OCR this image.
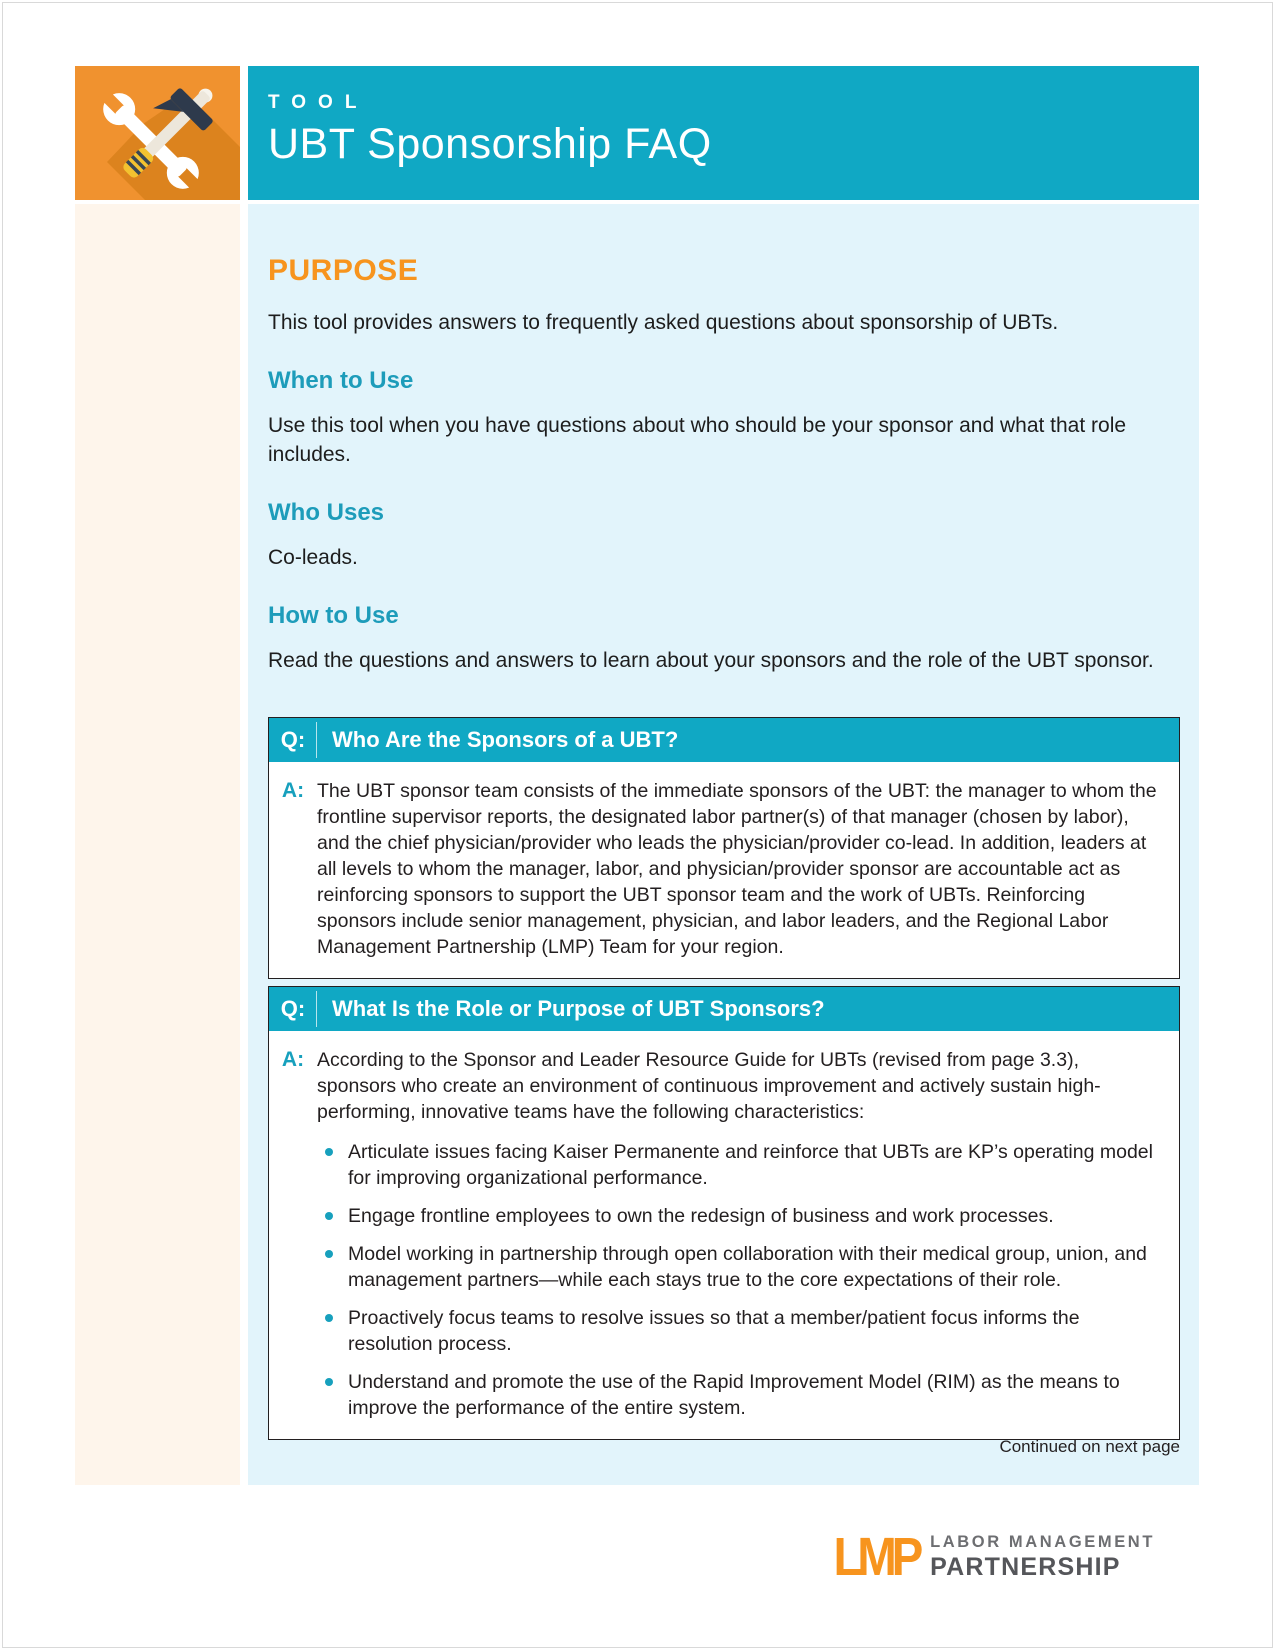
TOOL
UBT Sponsorship FAQ
PURPOSE

This tool provides answers to frequently asked questions about sponsorship of UBTs.

When to Use

Use this tool when you have questions about who should be your sponsor and what that role includes.

Who Uses

Co-leads.

How to Use

Read the questions and answers to learn about your sponsors and the role of the UBT sponsor.

Q:	Who Are the Sponsors of a UBT?
A: The UBT sponsor team consists of the immediate sponsors of the UBT: the manager to whom the frontline supervisor reports, the designated labor partner(s) of that manager (chosen by labor), and the chief physician/provider who leads the physician/provider co-lead. In addition, leaders at all levels to whom the manager, labor, and physician/provider sponsor are accountable act as reinforcing sponsors to support the UBT sponsor team and the work of UBTs. Reinforcing sponsors include senior management, physician, and labor leaders, and the Regional Labor Management Partnership (LMP) Team for your region.
Q:	What Is the Role or Purpose of UBT Sponsors?
A: According to the Sponsor and Leader Resource Guide for UBTs (revised from page 3.3), sponsors who create an environment of continuous improvement and actively sustain high-performing, innovative teams have the following characteristics:
Articulate issues facing Kaiser Permanente and reinforce that UBTs are KP’s operating model for improving organizational performance.
Engage frontline employees to own the redesign of business and work processes.
Model working in partnership through open collaboration with their medical group, union, and management partners—while each stays true to the core expectations of their role.
Proactively focus teams to resolve issues so that a member/patient focus informs the resolution process.
Understand and promote the use of the Rapid Improvement Model (RIM) as the means to improve the performance of the entire system.
Continued on next page
LMP LABOR MANAGEMENT
PARTNERSHIP
